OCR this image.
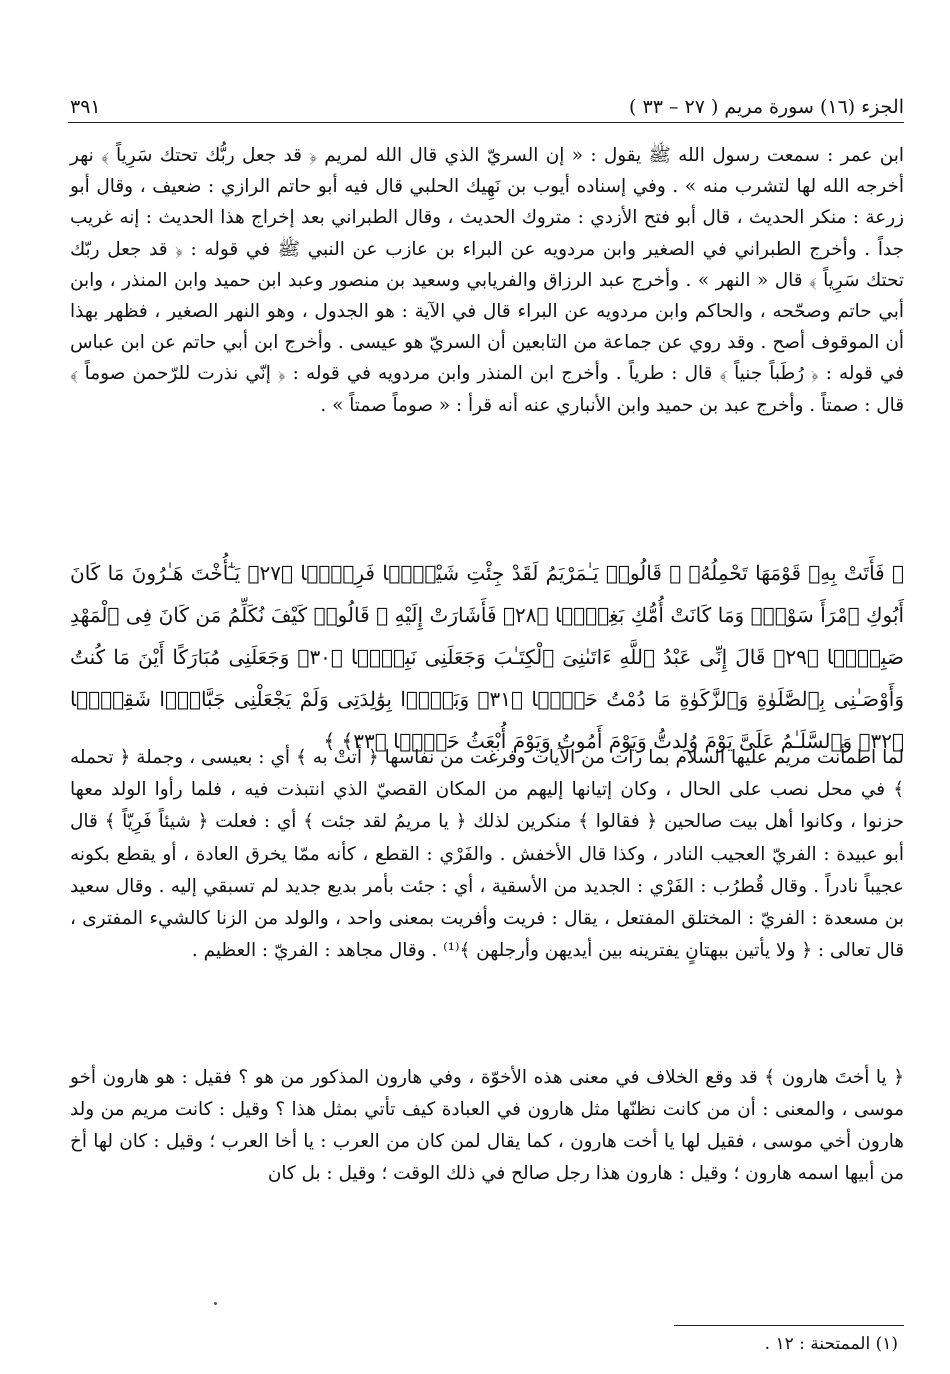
الجزء (١٦) سورة مريم ( ٢٧ – ٣٣ )
٣٩١

ابن عمر : سمعت رسول الله ﷺ يقول : « إن السريّ الذي قال الله لمريم ﴿ قد جعل ربُّك تحتك سَرِياً ﴾ نهر أخرجه الله لها لتشرب منه » . وفي إسناده أيوب بن نَهِيك الحلبي قال فيه أبو حاتم الرازي : ضعيف ، وقال أبو زرعة : منكر الحديث ، قال أبو فتح الأزدي : متروك الحديث ، وقال الطبراني بعد إخراج هذا الحديث : إنه غريب جداً . وأخرج الطبراني في الصغير وابن مردويه عن البراء بن عازب عن النبي ﷺ في قوله : ﴿ قد جعل ربّك تحتك سَرِياً ﴾ قال « النهر » . وأخرج عبد الرزاق والفريابي وسعيد بن منصور وعبد ابن حميد وابن المنذر ، وابن أبي حاتم وصحّحه ، والحاكم وابن مردويه عن البراء قال في الآية : هو الجدول ، وهو النهر الصغير ، فظهر بهذا أن الموقوف أصح . وقد روي عن جماعة من التابعين أن السريّ هو عيسى . وأخرج ابن أبي حاتم عن ابن عباس في قوله : ﴿ رُطَباً جنياً ﴾ قال : طرياً . وأخرج ابن المنذر وابن مردويه في قوله : ﴿ إنّي نذرت للرّحمن صوماً ﴾ قال : صمتاً . وأخرج عبد بن حميد وابن الأنباري عنه أنه قرأ : « صوماً صمتاً » .

﴿ فَأَتَتْ بِهِۦ قَوْمَهَا تَحْمِلُهُۥ ۖ قَالُوا۟ يَـٰمَرْيَمُ لَقَدْ جِئْتِ شَيْـًۭٔا فَرِيًّۭا ﴿٢٧﴾ يَـٰٓأُخْتَ هَـٰرُونَ مَا كَانَ أَبُوكِ ٱمْرَأَ سَوْءٍۢ وَمَا كَانَتْ أُمُّكِ بَغِيًّۭا ﴿٢٨﴾ فَأَشَارَتْ إِلَيْهِ ۖ قَالُوا۟ كَيْفَ نُكَلِّمُ مَن كَانَ فِى ٱلْمَهْدِ صَبِيًّۭا ﴿٢٩﴾ قَالَ إِنِّى عَبْدُ ٱللَّهِ ءَاتَىٰنِىَ ٱلْكِتَـٰبَ وَجَعَلَنِى نَبِيًّۭا ﴿٣٠﴾ وَجَعَلَنِى مُبَارَكًا أَيْنَ مَا كُنتُ وَأَوْصَـٰنِى بِٱلصَّلَوٰةِ وَٱلزَّكَوٰةِ مَا دُمْتُ حَيًّۭا ﴿٣١﴾ وَبَرًّۢا بِوَٰلِدَتِى وَلَمْ يَجْعَلْنِى جَبَّارًۭا شَقِيًّۭا ﴿٣٢﴾ وَٱلسَّلَـٰمُ عَلَىَّ يَوْمَ وُلِدتُّ وَيَوْمَ أَمُوتُ وَيَوْمَ أُبْعَثُ حَيًّۭا ﴿٣٣﴾ ﴾

لما اطمأنت مريم عليها السلام بما رأت من الآيات وفرغت من نفاسها ﴿ أتتْ به ﴾ أي : بعيسى ، وجملة ﴿ تحمله ﴾ في محل نصب على الحال ، وكان إتيانها إليهم من المكان القصيّ الذي انتبذت فيه ، فلما رأوا الولد معها حزنوا ، وكانوا أهل بيت صالحين ﴿ فقالوا ﴾ منكرين لذلك ﴿ يا مريمُ لقد جئت ﴾ أي : فعلت ﴿ شيئاً فَرِيّاً ﴾ قال أبو عبيدة : الفريّ العجيب النادر ، وكذا قال الأخفش . والفَرْي : القطع ، كأنه ممّا يخرق العادة ، أو يقطع بكونه عجيباً نادراً . وقال قُطرُب : الفَرْي : الجديد من الأسقية ، أي : جئت بأمر بديع جديد لم تسبقي إليه . وقال سعيد بن مسعدة : الفريّ : المختلق المفتعل ، يقال : فريت وأفريت بمعنى واحد ، والولد من الزنا كالشيء المفترى ، قال تعالى : ﴿ ولا يأتين ببهتانٍ يفترينه بين أيديهن وأرجلهن ﴾⁽¹⁾ . وقال مجاهد : الفريّ : العظيم .

﴿ يا أختَ هارون ﴾ قد وقع الخلاف في معنى هذه الأخوّة ، وفي هارون المذكور من هو ؟ فقيل : هو هارون أخو موسى ، والمعنى : أن من كانت نظنّها مثل هارون في العبادة كيف تأتي بمثل هذا ؟ وقيل : كانت مريم من ولد هارون أخي موسى ، فقيل لها يا أخت هارون ، كما يقال لمن كان من العرب : يا أخا العرب ؛ وقيل : كان لها أخ من أبيها اسمه هارون ؛ وقيل : هارون هذا رجل صالح في ذلك الوقت ؛ وقيل : بل كان

(١) الممتحنة : ١٢ .
